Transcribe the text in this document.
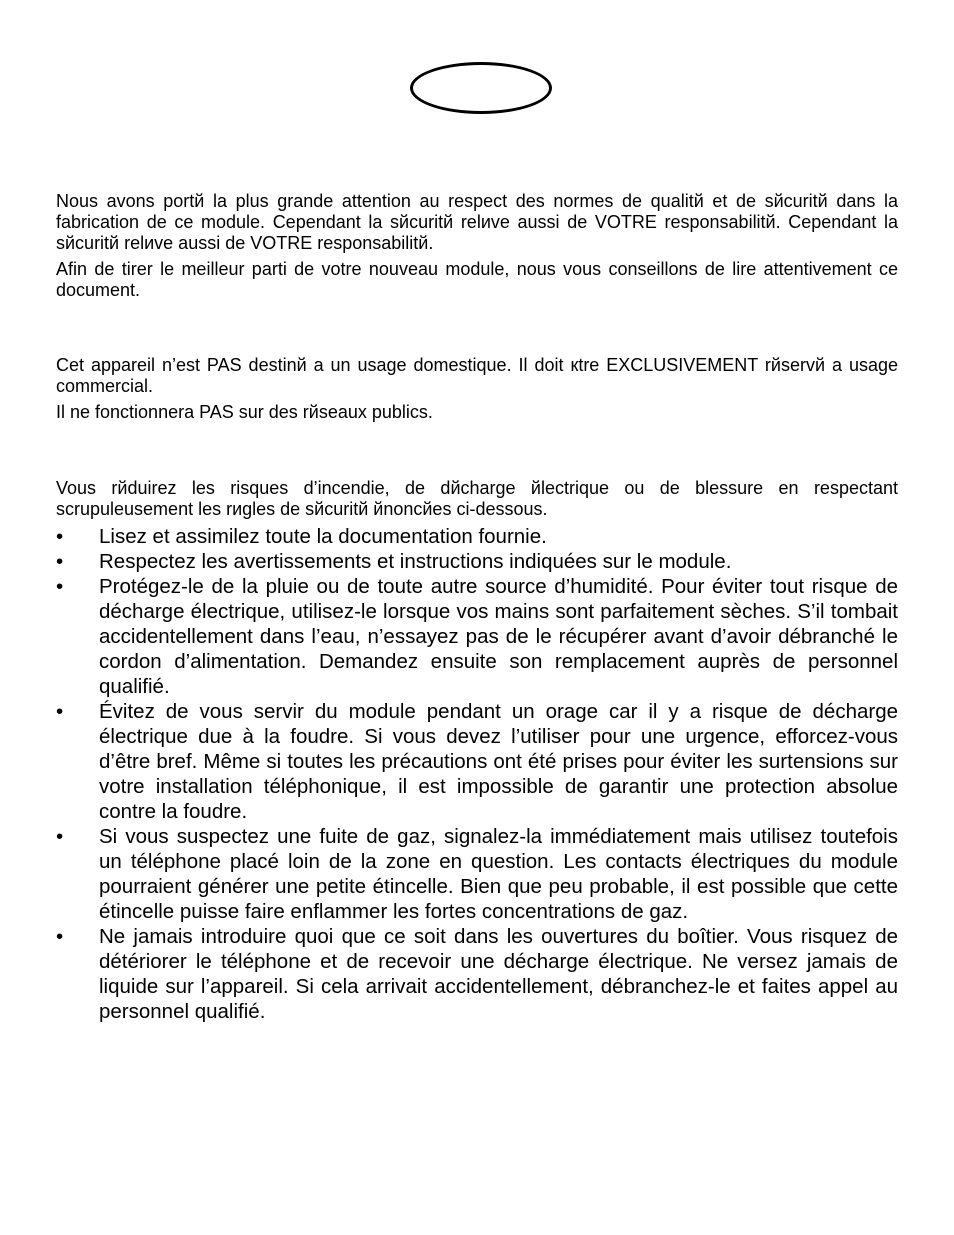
Nous avons portй la plus grande attention au respect des normes de qualitй et de sйcuritй dans la fabrication de ce module. Cependant la sйcuritй relиve aussi de VOTRE responsabilitй. Cependant la sйcuritй relиve aussi de VOTRE responsabilitй.

Afin de tirer le meilleur parti de votre nouveau module, nous vous conseillons de lire attentivement ce document.

Cet appareil n’est PAS destinй a un usage domestique. Il doit кtre EXCLUSIVEMENT rйservй a usage commercial.

Il ne fonctionnera PAS sur des rйseaux publics.

Vous rйduirez les risques d’incendie, de dйcharge йlectrique ou de blessure en respectant scrupuleusement les rиgles de sйcuritй йnoncйes ci-dessous.

•	Lisez et assimilez toute la documentation fournie.
•	Respectez les avertissements et instructions indiquées sur le module.
•	Protégez-le de la pluie ou de toute autre source d’humidité. Pour éviter tout risque de décharge électrique, utilisez-le lorsque vos mains sont parfaitement sèches. S’il tombait accidentellement dans l’eau, n’essayez pas de le récupérer avant d’avoir débranché le cordon d’alimentation. Demandez ensuite son remplacement auprès de personnel qualifié.
•	Évitez de vous servir du module pendant un orage car il y a risque de décharge électrique due à la foudre. Si vous devez l’utiliser pour une urgence, efforcez-vous d’être bref. Même si toutes les précautions ont été prises pour éviter les surtensions sur votre installation téléphonique, il est impossible de garantir une protection absolue contre la foudre.
•	Si vous suspectez une fuite de gaz, signalez-la immédiatement mais utilisez toutefois un téléphone placé loin de la zone en question. Les contacts électriques du module pourraient générer une petite étincelle. Bien que peu probable, il est possible que cette étincelle puisse faire enflammer les fortes concentrations de gaz.
•	Ne jamais introduire quoi que ce soit dans les ouvertures du boîtier. Vous risquez de détériorer le téléphone et de recevoir une décharge électrique. Ne versez jamais de liquide sur l’appareil. Si cela arrivait accidentellement, débranchez-le et faites appel au personnel qualifié.
